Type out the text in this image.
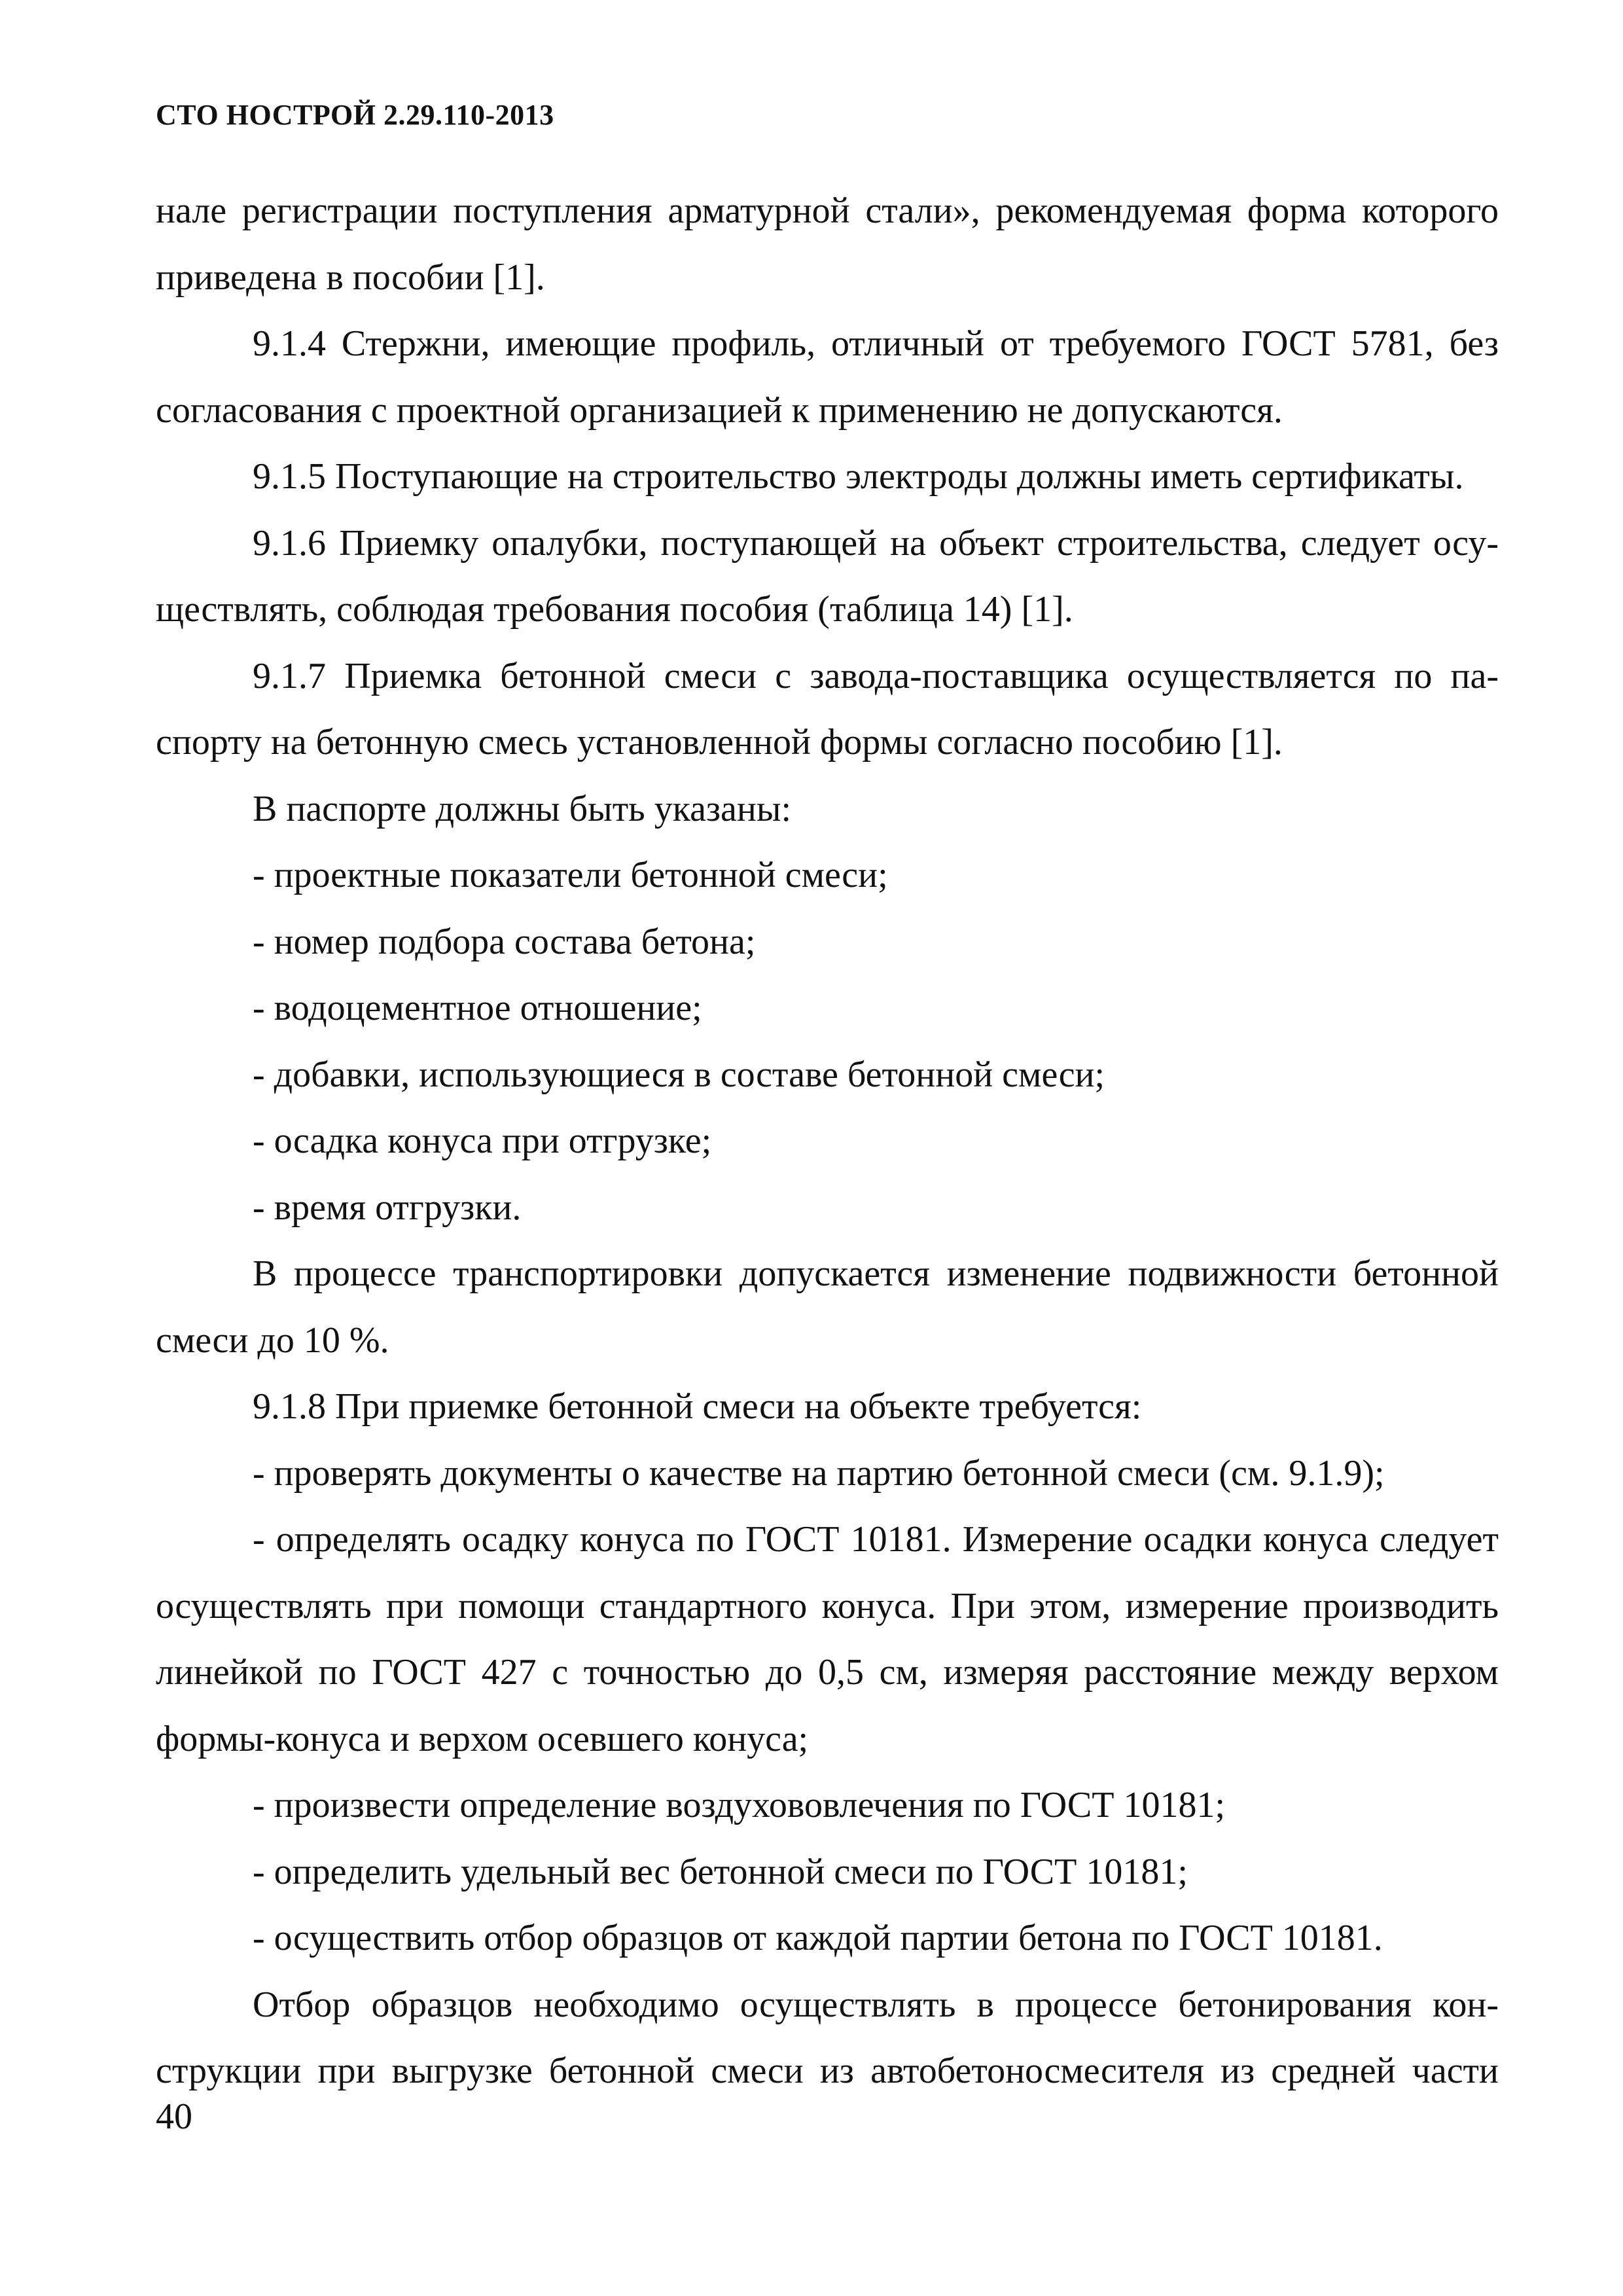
СТО НОСТРОЙ 2.29.110-2013
нале регистрации поступления арматурной стали», рекомендуемая форма которого
приведена в пособии [1].
9.1.4 Стержни, имеющие профиль, отличный от требуемого ГОСТ 5781, без
согласования с проектной организацией к применению не допускаются.
9.1.5 Поступающие на строительство электроды должны иметь сертификаты.
9.1.6 Приемку опалубки, поступающей на объект строительства, следует осу-
ществлять, соблюдая требования пособия (таблица 14) [1].
9.1.7 Приемка бетонной смеси с завода-поставщика осуществляется по па-
спорту на бетонную смесь установленной формы согласно пособию [1].
В паспорте должны быть указаны:
- проектные показатели бетонной смеси;
- номер подбора состава бетона;
- водоцементное отношение;
- добавки, использующиеся в составе бетонной смеси;
- осадка конуса при отгрузке;
- время отгрузки.
В процессе транспортировки допускается изменение подвижности бетонной
смеси до 10 %.
9.1.8 При приемке бетонной смеси на объекте требуется:
- проверять документы о качестве на партию бетонной смеси (см. 9.1.9);
- определять осадку конуса по ГОСТ 10181. Измерение осадки конуса следует
осуществлять при помощи стандартного конуса. При этом, измерение производить
линейкой по ГОСТ 427 с точностью до 0,5 см, измеряя расстояние между верхом
формы-конуса и верхом осевшего конуса;
- произвести определение воздухововлечения по ГОСТ 10181;
- определить удельный вес бетонной смеси по ГОСТ 10181;
- осуществить отбор образцов от каждой партии бетона по ГОСТ 10181.
Отбор образцов необходимо осуществлять в процессе бетонирования кон-
струкции при выгрузке бетонной смеси из автобетоносмесителя из средней части
40
